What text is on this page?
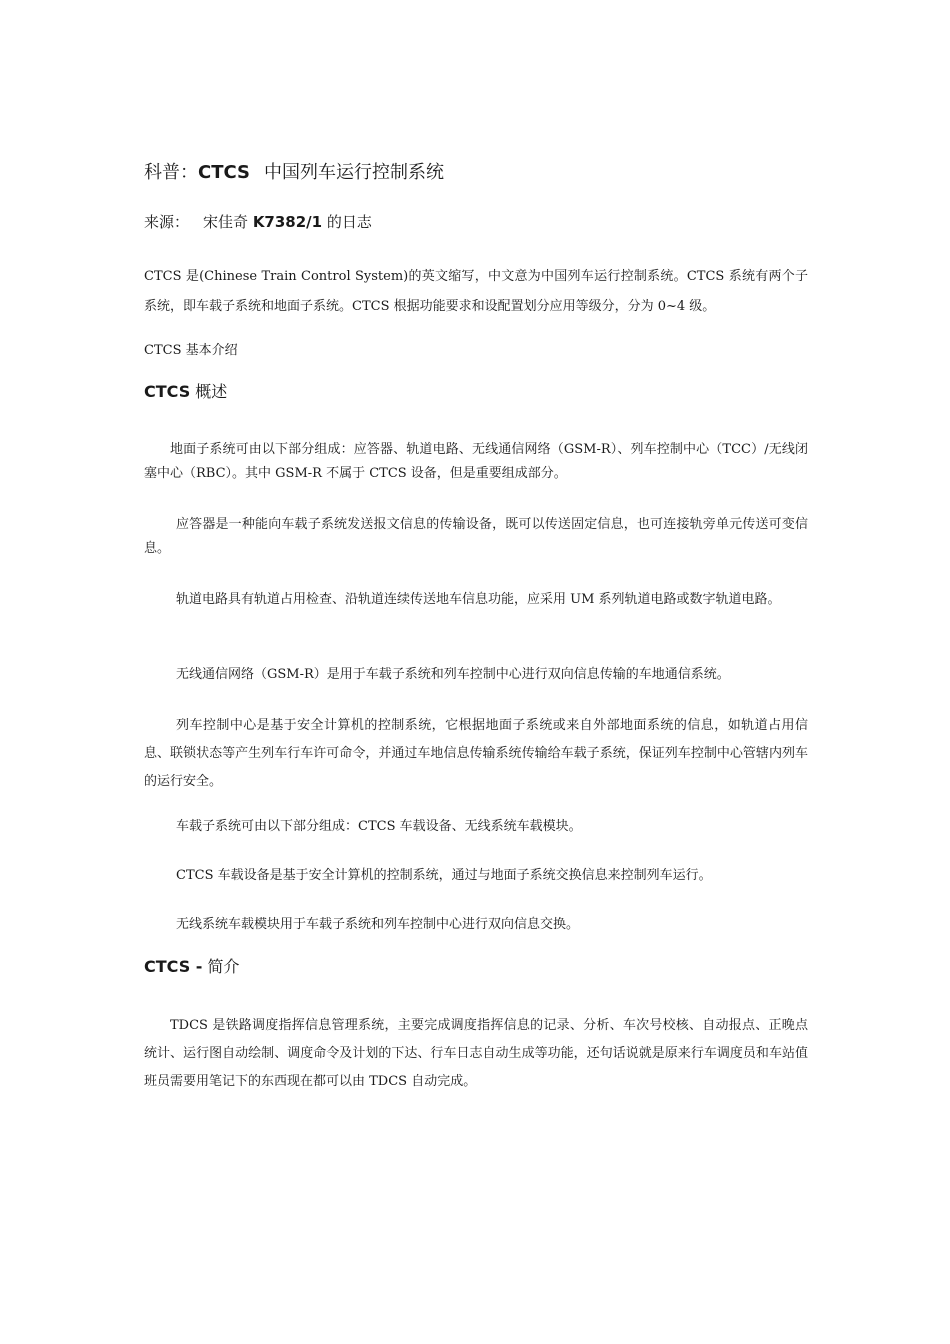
科普：CTCS 中国列车运行控制系统
来源： 宋佳奇 K7382/1 的日志
CTCS 是(Chinese Train Control System)的英文缩写，中文意为中国列车运行控制系统。CTCS 系统有两个子系统，即车载子系统和地面子系统。CTCS 根据功能要求和设配置划分应用等级分，分为 0~4 级。
CTCS 基本介绍
CTCS 概述
地面子系统可由以下部分组成：应答器、轨道电路、无线通信网络（GSM-R）、列车控制中心（TCC）/无线闭塞中心（RBC）。其中 GSM-R 不属于 CTCS 设备，但是重要组成部分。
应答器是一种能向车载子系统发送报文信息的传输设备，既可以传送固定信息，也可连接轨旁单元传送可变信息。
轨道电路具有轨道占用检查、沿轨道连续传送地车信息功能，应采用 UM 系列轨道电路或数字轨道电路。
无线通信网络（GSM-R）是用于车载子系统和列车控制中心进行双向信息传输的车地通信系统。
列车控制中心是基于安全计算机的控制系统，它根据地面子系统或来自外部地面系统的信息，如轨道占用信息、联锁状态等产生列车行车许可命令，并通过车地信息传输系统传输给车载子系统，保证列车控制中心管辖内列车的运行安全。
车载子系统可由以下部分组成：CTCS 车载设备、无线系统车载模块。
CTCS 车载设备是基于安全计算机的控制系统，通过与地面子系统交换信息来控制列车运行。
无线系统车载模块用于车载子系统和列车控制中心进行双向信息交换。
CTCS - 简介
TDCS 是铁路调度指挥信息管理系统，主要完成调度指挥信息的记录、分析、车次号校核、自动报点、正晚点统计、运行图自动绘制、调度命令及计划的下达、行车日志自动生成等功能，还句话说就是原来行车调度员和车站值班员需要用笔记下的东西现在都可以由 TDCS 自动完成。
